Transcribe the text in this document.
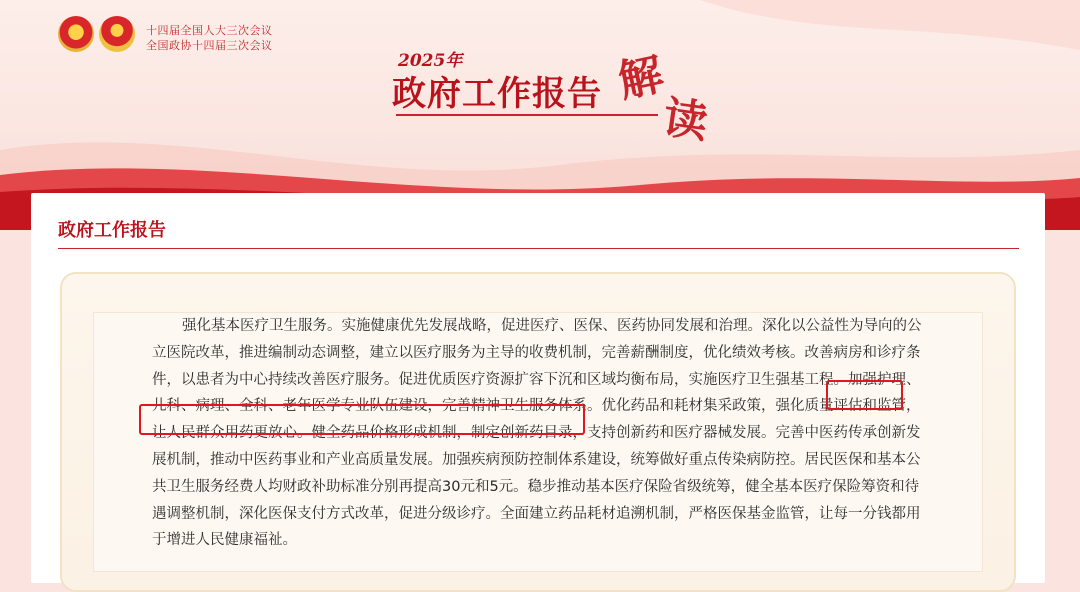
十四届全国人大三次会议
全国政协十四届三次会议
2025年
政府工作报告 解
读
政府工作报告
强化基本医疗卫生服务。实施健康优先发展战略，促进医疗、医保、医药协同发展和治理。深化以公益性为导向的公
立医院改革，推进编制动态调整，建立以医疗服务为主导的收费机制，完善薪酬制度，优化绩效考核。改善病房和诊疗条
件，以患者为中心持续改善医疗服务。促进优质医疗资源扩容下沉和区域均衡布局，实施医疗卫生强基工程。加强护理、
儿科、病理、全科、老年医学专业队伍建设，完善精神卫生服务体系。优化药品和耗材集采政策，强化质量评估和监管，
让人民群众用药更放心。健全药品价格形成机制，制定创新药目录，支持创新药和医疗器械发展。完善中医药传承创新发
展机制，推动中医药事业和产业高质量发展。加强疾病预防控制体系建设，统筹做好重点传染病防控。居民医保和基本公
共卫生服务经费人均财政补助标准分别再提高30元和5元。稳步推动基本医疗保险省级统筹，健全基本医疗保险筹资和待
遇调整机制，深化医保支付方式改革，促进分级诊疗。全面建立药品耗材追溯机制，严格医保基金监管，让每一分钱都用
于增进人民健康福祉。
